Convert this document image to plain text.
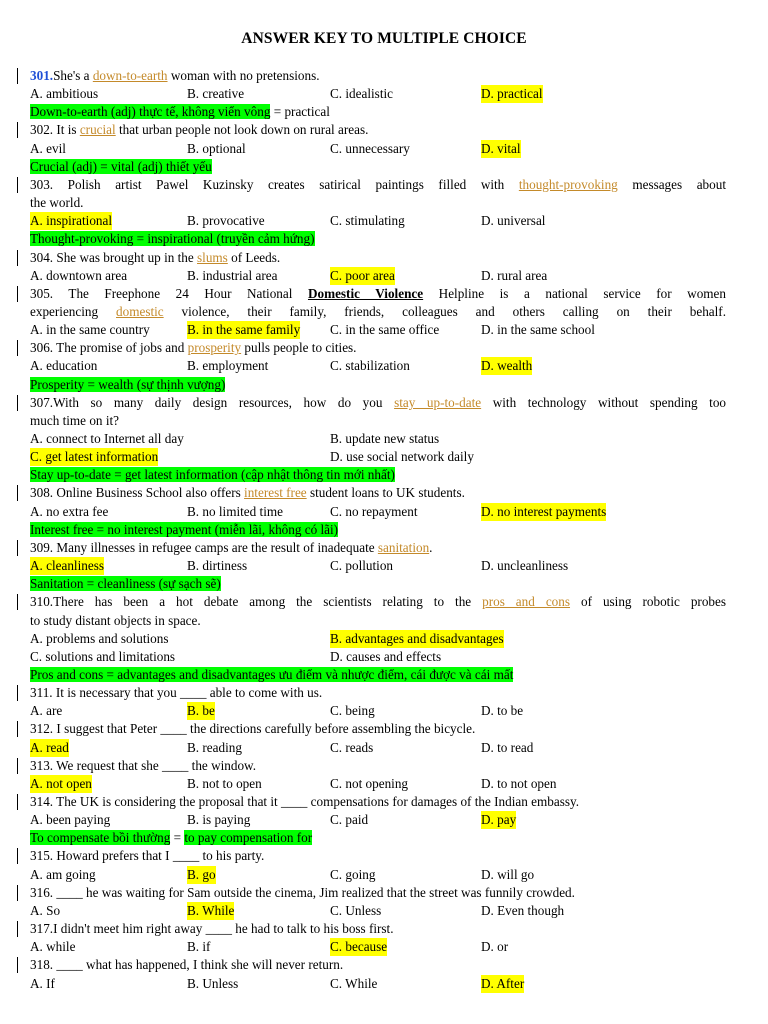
ANSWER KEY TO MULTIPLE CHOICE
301.She's a down-to-earth woman with no pretensions.
A. ambitious	B. creative	C. idealistic	D. practical
Down-to-earth (adj) thực tế, không viển vông = practical
302. It is crucial that urban people not look down on rural areas.
A. evil	B. optional	C. unnecessary	D. vital
Crucial (adj) = vital (adj) thiết yếu
303. Polish artist Pawel Kuzinsky creates satirical paintings filled with thought-provoking messages about
the world.
A. inspirational	B. provocative	C. stimulating	D. universal
Thought-provoking = inspirational (truyền cảm hứng)
304. She was brought up in the slums of Leeds.
A. downtown area	B. industrial area	C. poor area	D. rural area
305. The Freephone 24 Hour National Domestic Violence Helpline is a national service for women
experiencing domestic violence, their family, friends, colleagues and others calling on their behalf.
A. in the same country	B. in the same family C. in the same office	D. in the same school
306. The promise of jobs and prosperity pulls people to cities.
A. education	B. employment	C. stabilization	D. wealth
Prosperity = wealth (sự thịnh vượng)
307.With so many daily design resources, how do you stay up-to-date with technology without spending too
much time on it?
A. connect to Internet all day	B. update new status
C. get latest information	D. use social network daily
Stay up-to-date = get latest information (cập nhật thông tin mới nhất)
308. Online Business School also offers interest free student loans to UK students.
A. no extra fee	B. no limited time	C. no repayment	D. no interest payments
Interest free = no interest payment (miễn lãi, không có lãi)
309. Many illnesses in refugee camps are the result of inadequate sanitation.
A. cleanliness	B. dirtiness	C. pollution	D. uncleanliness
Sanitation = cleanliness (sự sạch sẽ)
310.There has been a hot debate among the scientists relating to the pros and cons of using robotic probes
to study distant objects in space.
A. problems and solutions	B. advantages and disadvantages
C. solutions and limitations	D. causes and effects
Pros and cons = advantages and disadvantages ưu điểm và nhược điểm, cái được và cái mất
311. It is necessary that you ____ able to come with us.
A. are	B. be	C. being	D. to be
312. I suggest that Peter ____ the directions carefully before assembling the bicycle.
A. read	B. reading	C. reads	D. to read
313. We request that she ____ the window.
A. not open	B. not to open	C. not opening	D. to not open
314. The UK is considering the proposal that it ____ compensations for damages of the Indian embassy.
A. been paying	B. is paying	C. paid	D. pay
To compensate bồi thường = to pay compensation for
315. Howard prefers that I ____ to his party.
A. am going	B. go	C. going	D. will go
316. ____ he was waiting for Sam outside the cinema, Jim realized that the street was funnily crowded.
A. So	B. While	C. Unless	D. Even though
317.I didn't meet him right away ____ he had to talk to his boss first.
A. while	B. if	C. because	D. or
318. ____ what has happened, I think she will never return.
A. If	B. Unless	C. While	D. After
